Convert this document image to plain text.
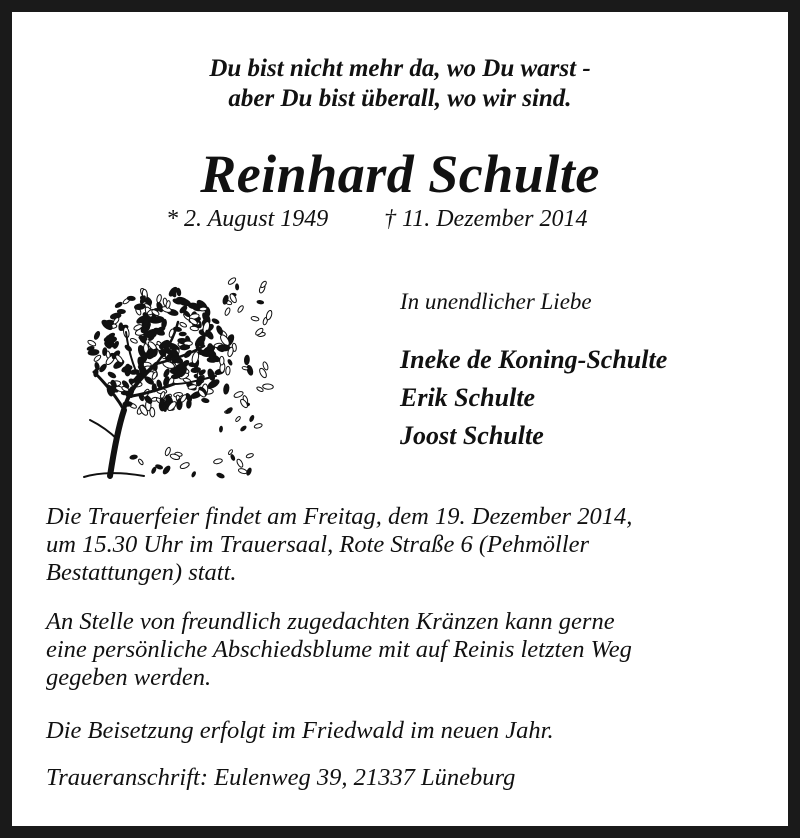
Du bist nicht mehr da, wo Du warst -
aber Du bist überall, wo wir sind.
Reinhard Schulte
* 2. August 1949 † 11. Dezember 2014
In unendlicher Liebe
Ineke de Koning-Schulte
Erik Schulte
Joost Schulte
Die Trauerfeier findet am Freitag, dem 19. Dezember 2014,
um 15.30 Uhr im Trauersaal, Rote Straße 6 (Pehmöller
Bestattungen) statt.
An Stelle von freundlich zugedachten Kränzen kann gerne
eine persönliche Abschiedsblume mit auf Reinis letzten Weg
gegeben werden.
Die Beisetzung erfolgt im Friedwald im neuen Jahr.
Traueranschrift: Eulenweg 39, 21337 Lüneburg
